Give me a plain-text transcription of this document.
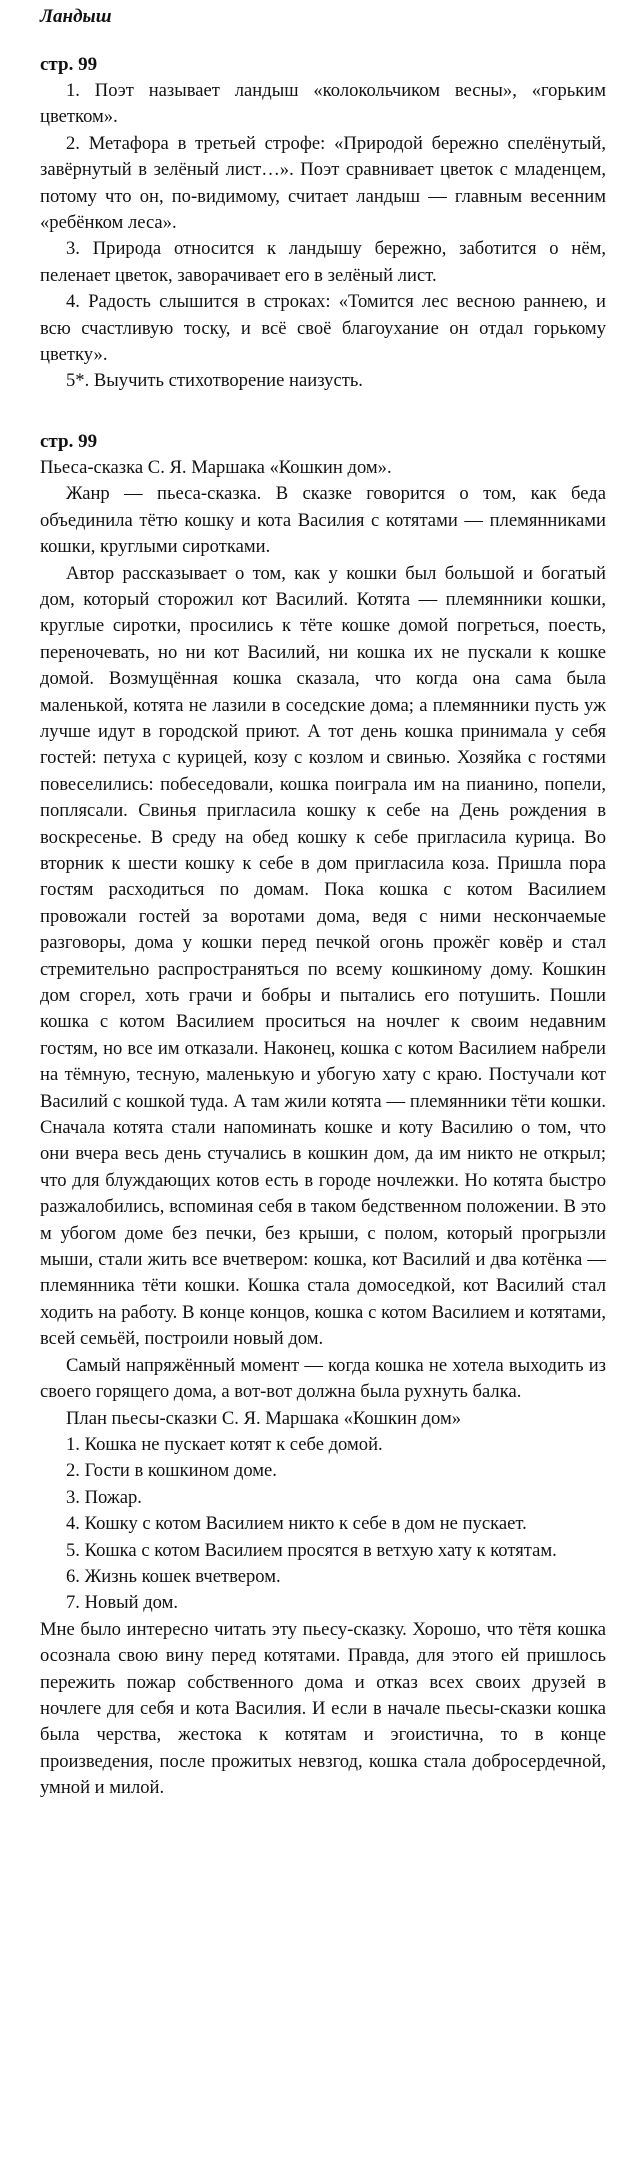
Ландыш
стр. 99

1. Поэт называет ландыш «колокольчиком весны», «горьким цветком».

2. Метафора в третьей строфе: «Природой бережно спелёнутый, завёрнутый в зелёный лист…». Поэт сравнивает цветок с младенцем, потому что он, по-видимому, считает ландыш — главным весенним «ребёнком леса».

3. Природа относится к ландышу бережно, заботится о нём, пеленает цветок, заворачивает его в зелёный лист.

4. Радость слышится в строках: «Томится лес весною раннею, и всю счастливую тоску, и всё своё благоухание он отдал горькому цветку».

5*. Выучить стихотворение наизусть.

стр. 99

Пьеса-сказка С. Я. Маршака «Кошкин дом».

Жанр — пьеса-сказка. В сказке говорится о том, как беда объединила тётю кошку и кота Василия с котятами — племянниками кошки, круглыми сиротками.

Автор рассказывает о том, как у кошки был большой и богатый дом, который сторожил кот Василий. Котята — племянники кошки, круглые сиротки, просились к тёте кошке домой погреться, поесть, переночевать, но ни кот Василий, ни кошка их не пускали к кошке домой. Возмущённая кошка сказала, что когда она сама была маленькой, котята не лазили в соседские дома; а племянники пусть уж лучше идут в городской приют. А тот день кошка принимала у себя гостей: петуха с курицей, козу с козлом и свинью. Хозяйка с гостями повеселились: побеседовали, кошка поиграла им на пианино, попели, поплясали. Свинья пригласила кошку к себе на День рождения в воскресенье. В среду на обед кошку к себе пригласила курица. Во вторник к шести кошку к себе в дом пригласила коза. Пришла пора гостям расходиться по домам. Пока кошка с котом Василием провожали гостей за воротами дома, ведя с ними нескончаемые разговоры, дома у кошки перед печкой огонь прожёг ковёр и стал стремительно распространяться по всему кошкиному дому. Кошкин дом сгорел, хоть грачи и бобры и пытались его потушить. Пошли кошка с котом Василием проситься на ночлег к своим недавним гостям, но все им отказали. Наконец, кошка с котом Василием набрели на тёмную, тесную, маленькую и убогую хату с краю. Постучали кот Василий с кошкой туда. А там жили котята — племянники тёти кошки. Сначала котята стали напоминать кошке и коту Василию о том, что они вчера весь день стучались в кошкин дом, да им никто не открыл; что для блуждающих котов есть в городе ночлежки. Но котята быстро разжалобились, вспоминая себя в таком бедственном положении. В это м убогом доме без печки, без крыши, с полом, который прогрызли мыши, стали жить все вчетвером: кошка, кот Василий и два котёнка — племянника тёти кошки. Кошка стала домоседкой, кот Василий стал ходить на работу. В конце концов, кошка с котом Василием и котятами, всей семьёй, построили новый дом.

Самый напряжённый момент — когда кошка не хотела выходить из своего горящего дома, а вот-вот должна была рухнуть балка.

План пьесы-сказки С. Я. Маршака «Кошкин дом»

1. Кошка не пускает котят к себе домой.
2. Гости в кошкином доме.
3. Пожар.
4. Кошку с котом Василием никто к себе в дом не пускает.
5. Кошка с котом Василием просятся в ветхую хату к котятам.
6. Жизнь кошек вчетвером.
7. Новый дом.

Мне было интересно читать эту пьесу-сказку. Хорошо, что тётя кошка осознала свою вину перед котятами. Правда, для этого ей пришлось пережить пожар собственного дома и отказ всех своих друзей в ночлеге для себя и кота Василия. И если в начале пьесы-сказки кошка была черства, жестока к котятам и эгоистична, то в конце произведения, после прожитых невзгод, кошка стала добросердечной, умной и милой.
